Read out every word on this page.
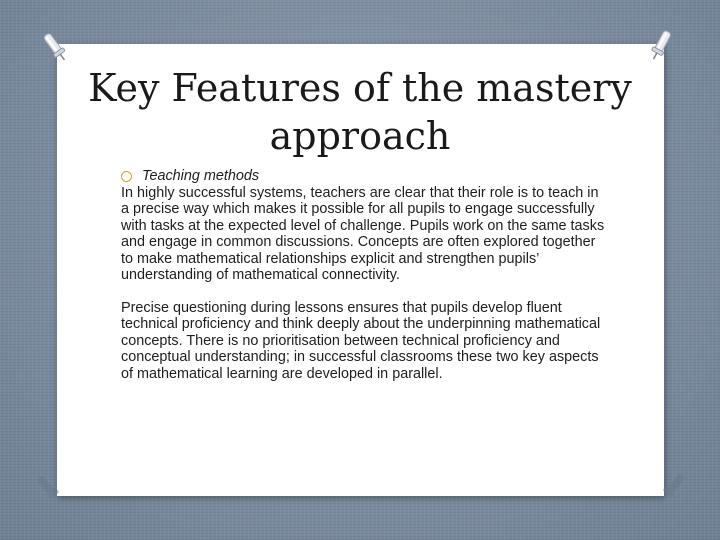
Key Features of the mastery approach
Teaching methods

In highly successful systems, teachers are clear that their role is to teach in a precise way which makes it possible for all pupils to engage successfully with tasks at the expected level of challenge. Pupils work on the same tasks and engage in common discussions. Concepts are often explored together to make mathematical relationships explicit and strengthen pupils’ understanding of mathematical connectivity.

Precise questioning during lessons ensures that pupils develop fluent technical proficiency and think deeply about the underpinning mathematical concepts. There is no prioritisation between technical proficiency and conceptual understanding; in successful classrooms these two key aspects of mathematical learning are developed in parallel.
